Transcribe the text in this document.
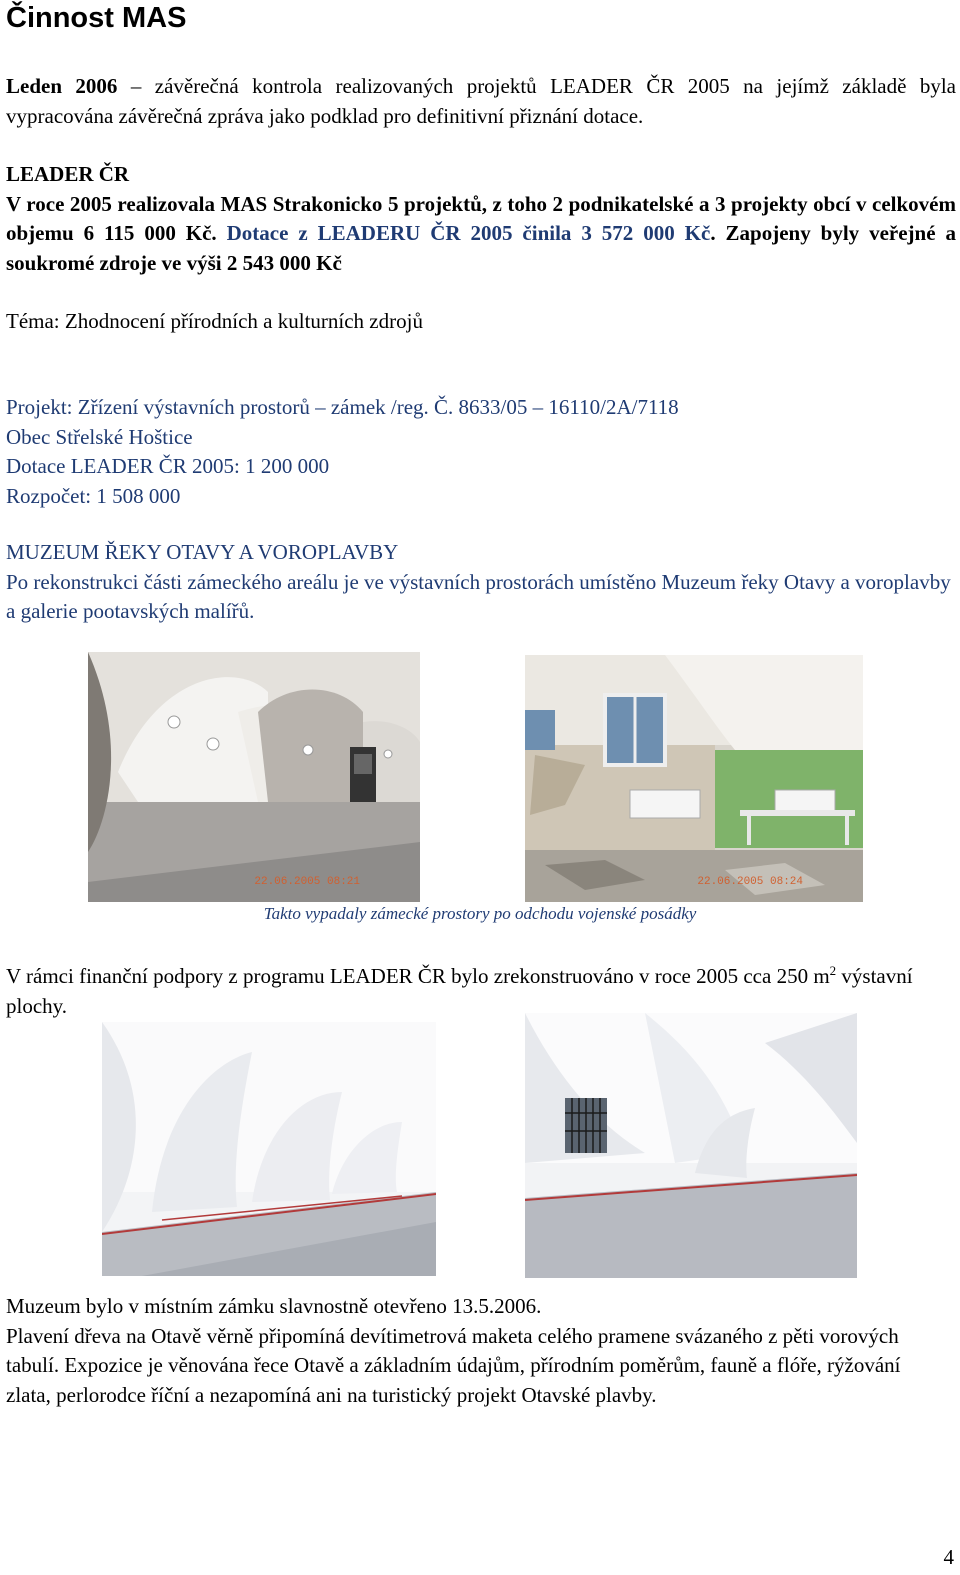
Činnost MAS

Leden 2006 – závěrečná kontrola realizovaných projektů LEADER ČR 2005 na jejímž základě byla vypracována závěrečná zpráva jako podklad pro definitivní přiznání dotace.

LEADER ČR
V roce 2005 realizovala MAS Strakonicko 5 projektů, z toho 2 podnikatelské a 3 projekty obcí v celkovém objemu 6 115 000 Kč. Dotace z LEADERU ČR 2005 činila 3 572 000 Kč. Zapojeny byly veřejné a soukromé zdroje ve výši 2 543 000 Kč

Téma: Zhodnocení přírodních a kulturních zdrojů

Projekt: Zřízení výstavních prostorů – zámek /reg. Č. 8633/05 – 16110/2A/7118
Obec Střelské Hoštice
Dotace LEADER ČR 2005: 1 200 000
Rozpočet: 1 508 000
MUZEUM ŘEKY OTAVY A VOROPLAVBY
Po rekonstrukci části zámeckého areálu je ve výstavních prostorách umístěno Muzeum řeky Otavy a voroplavby a galerie pootavských malířů.
22.06.2005 08:21	22.06.2005 08:24
Takto vypadaly zámecké prostory po odchodu vojenské posádky

V rámci finanční podpory z programu LEADER ČR bylo zrekonstruováno v roce 2005 cca 250 $m^2$ výstavní plochy.

Muzeum bylo v místním zámku slavnostně otevřeno 13.5.2006.
Plavení dřeva na Otavě věrně připomíná devítimetrová maketa celého pramene svázaného z pěti vorových tabulí. Expozice je věnována řece Otavě a základním údajům, přírodním poměrům, fauně a flóře, rýžování zlata, perlorodce říční a nezapomíná ani na turistický projekt Otavské plavby.
4
